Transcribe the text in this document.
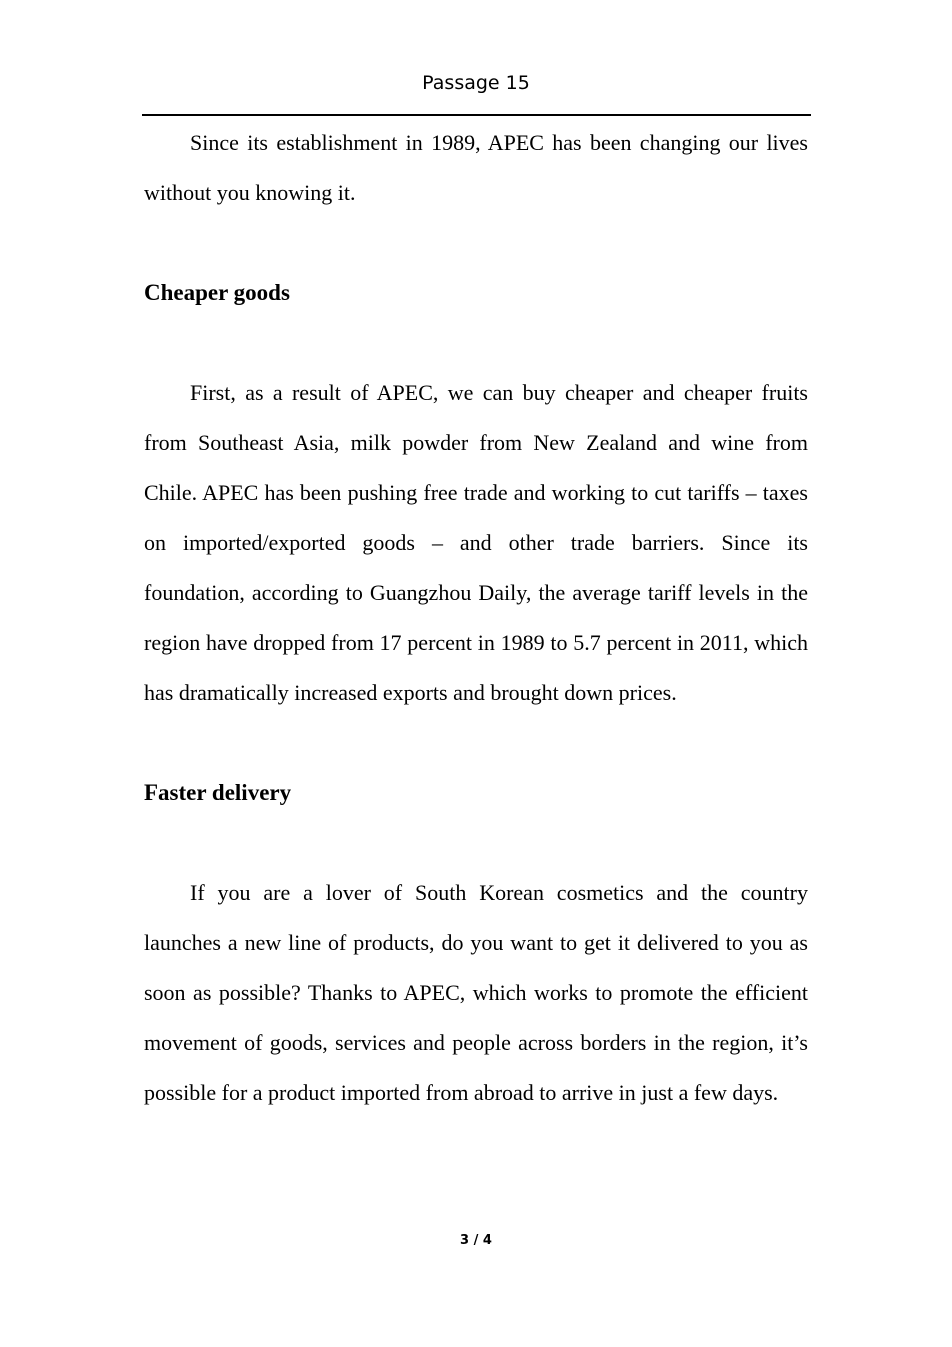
Passage 15

Since its establishment in 1989, APEC has been changing our lives without you knowing it.

Cheaper goods

First, as a result of APEC, we can buy cheaper and cheaper fruits from Southeast Asia, milk powder from New Zealand and wine from Chile. APEC has been pushing free trade and working to cut tariffs – taxes on imported/exported goods – and other trade barriers. Since its foundation, according to Guangzhou Daily, the average tariff levels in the region have dropped from 17 percent in 1989 to 5.7 percent in 2011, which has dramatically increased exports and brought down prices.

Faster delivery

If you are a lover of South Korean cosmetics and the country launches a new line of products, do you want to get it delivered to you as soon as possible? Thanks to APEC, which works to promote the efficient movement of goods, services and people across borders in the region, it’s possible for a product imported from abroad to arrive in just a few days.

3 / 4
